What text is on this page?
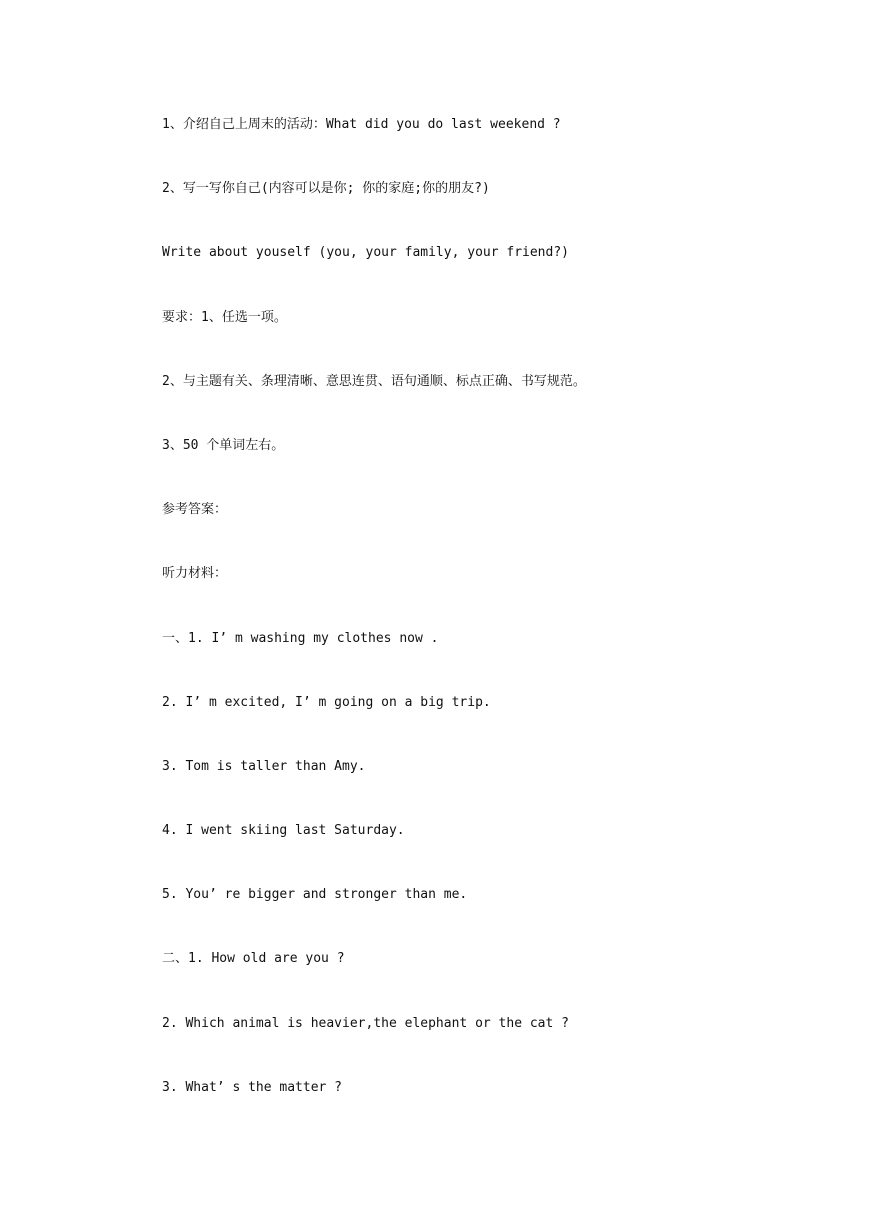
1、介绍自己上周末的活动：What did you do last weekend ?
2、写一写你自己(内容可以是你; 你的家庭;你的朋友?)
Write about youself (you, your family, your friend?)
要求：1、任选一项。
2、与主题有关、条理清晰、意思连贯、语句通顺、标点正确、书写规范。
3、50 个单词左右。
参考答案：
听力材料：
一、1. I’ m washing my clothes now .
2. I’ m excited, I’ m going on a big trip.
3. Tom is taller than Amy.
4. I went skiing last Saturday.
5. You’ re bigger and stronger than me.
二、1. How old are you ?
2. Which animal is heavier,the elephant or the cat ?
3. What’ s the matter ?
